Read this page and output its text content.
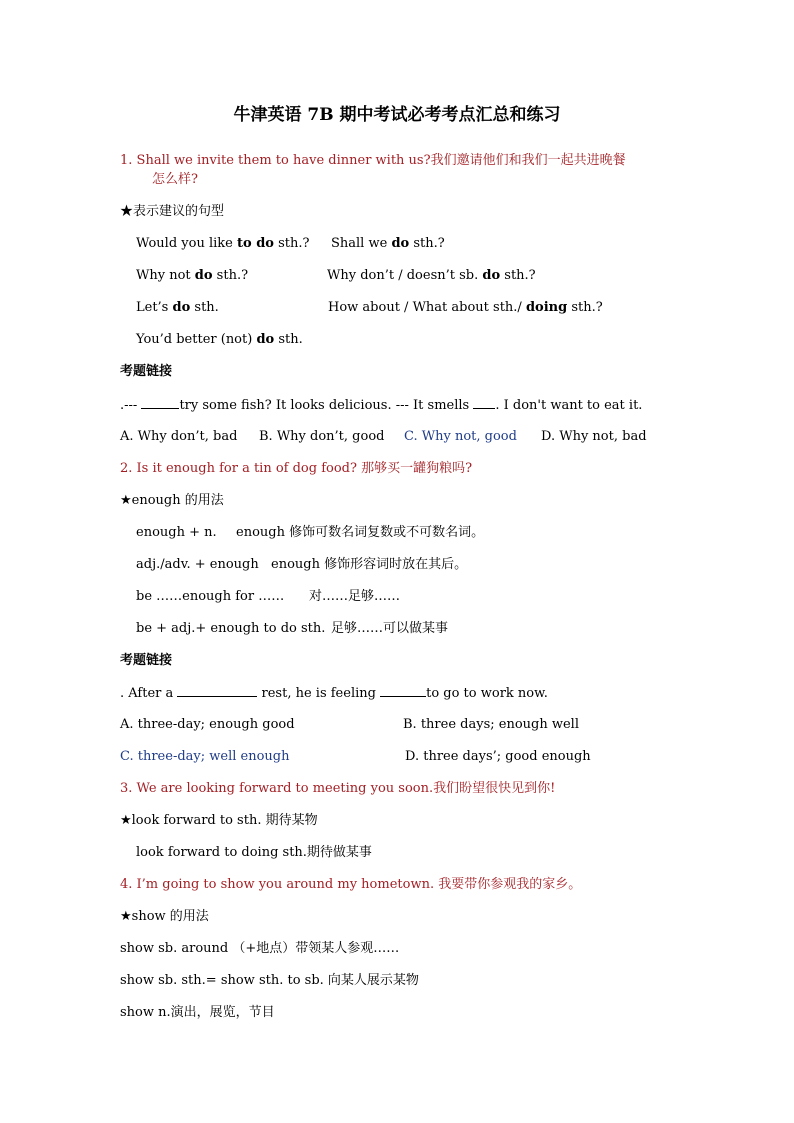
牛津英语 7B 期中考试必考考点汇总和练习
1. Shall we invite them to have dinner with us?我们邀请他们和我们一起共进晚餐
怎么样?
★表示建议的句型
Would you like to do sth.? Shall we do sth.?
Why not do sth.?	Why don’t / doesn’t sb. do sth.?
Let’s do sth.	How about / What about sth./ doing sth.?
You’d better (not) do sth.
考题链接
.---	try some fish? It looks delicious. --- It smells . I don't want to eat it.
A. Why don’t, bad B. Why don’t, good C. Why not, good D. Why not, bad
2. Is it enough for a tin of dog food? 那够买一罐狗粮吗?
★enough 的用法
enough + n. enough 修饰可数名词复数或不可数名词。
adj./adv. + enough enough 修饰形容词时放在其后。
be ……enough for …… 对……足够……
be + adj.+ enough to do sth. 足够……可以做某事
考题链接
. After a	rest, he is feeling	to go to work now.
A. three-day; enough good	B. three days; enough well
C. three-day; well enough	D. three days’; good enough
3. We are looking forward to meeting you soon.我们盼望很快见到你!
★look forward to sth. 期待某物
look forward to doing sth.期待做某事
4. I’m going to show you around my hometown. 我要带你参观我的家乡。
★show 的用法
show sb. around （+地点）带领某人参观……
show sb. sth.= show sth. to sb. 向某人展示某物
show n.演出，展览，节目
